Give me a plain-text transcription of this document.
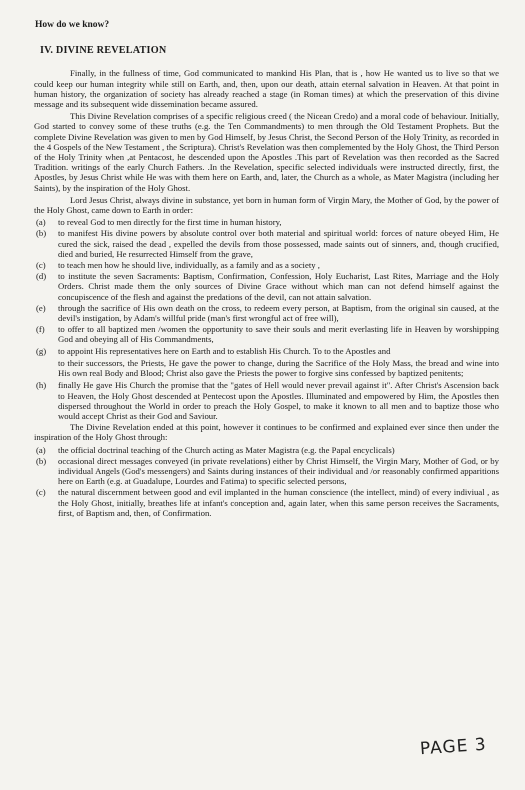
How do we know?
IV. DIVINE REVELATION

Finally, in the fullness of time, God communicated to mankind His Plan, that is , how He wanted us to live so that we could keep our human integrity while still on Earth, and, then, upon our death, attain eternal salvation in Heaven. At that point in human history, the organization of society has already reached a stage (in Roman times) at which the preservation of this divine message and its subsequent wide dissemination became assured.

This Divine Revelation comprises of a specific religious creed ( the Nicean Credo) and a moral code of behaviour. Initially, God started to convey some of these truths (e.g. the Ten Commandments) to men through the Old Testament Prophets. But the complete Divine Revelation was given to men by God Himself, by Jesus Christ, the Second Person of the Holy Trinity, as recorded in the 4 Gospels of the New Testament , the Scriptura). Christ's Revelation was then complemented by the Holy Ghost, the Third Person of the Holy Trinity when ,at Pentacost, he descended upon the Apostles .This part of Revelation was then recorded as the Sacred Tradition. writings of the early Church Fathers. .In the Revelation, specific selected individuals were instructed directly, first, the Apostles, by Jesus Christ while He was with them here on Earth, and, later, the Church as a whole, as Mater Magistra (including her Saints), by the inspiration of the Holy Ghost.

Lord Jesus Christ, always divine in substance, yet born in human form of Virgin Mary, the Mother of God, by the power of the Holy Ghost, came down to Earth in order:

(a) to reveal God to men directly for the first time in human history,
(b) to manifest His divine powers by absolute control over both material and spiritual world: forces of nature obeyed Him, He cured the sick, raised the dead , expelled the devils from those possessed, made saints out of sinners, and, though crucified, died and buried, He resurrected Himself from the grave,
(c) to teach men how he should live, individually, as a family and as a society ,
(d) to institute the seven Sacraments: Baptism, Confirmation, Confession, Holy Eucharist, Last Rites, Marriage and the Holy Orders. Christ made them the only sources of Divine Grace without which man can not defend himself against the concupiscence of the flesh and against the predations of the devil, can not attain salvation.
(e) through the sacrifice of His own death on the cross, to redeem every person, at Baptism, from the original sin caused, at the devil's instigation, by Adam's willful pride (man's first wrongful act of free will),
(f) to offer to all baptized men /women the opportunity to save their souls and merit everlasting life in Heaven by worshipping God and obeying all of His Commandments,
(g) to appoint His representatives here on Earth and to establish His Church. To to the Apostles and
to their successors, the Priests, He gave the power to change, during the Sacrifice of the Holy Mass, the bread and wine into His own real Body and Blood; Christ also gave the Priests the power to forgive sins confessed by baptized penitents;
(h) finally He gave His Church the promise that the "gates of Hell would never prevail against it". After Christ's Ascension back to Heaven, the Holy Ghost descended at Pentecost upon the Apostles. Illuminated and empowered by Him, the Apostles then dispersed throughout the World in order to preach the Holy Gospel, to make it known to all men and to baptize those who would accept Christ as their God and Saviour.

The Divine Revelation ended at this point, however it continues to be confirmed and explained ever since then under the inspiration of the Holy Ghost through:

(a) the official doctrinal teaching of the Church acting as Mater Magistra (e.g. the Papal encyclicals)
(b) occasional direct messages conveyed (in private revelations) either by Christ Himself, the Virgin Mary, Mother of God, or by individual Angels (God's messengers) and Saints during instances of their individual and /or reasonably confirmed apparitions here on Earth (e.g. at Guadalupe, Lourdes and Fatima) to specific selected persons,
(c) the natural discernment between good and evil implanted in the human conscience (the intellect, mind) of every indiviual , as the Holy Ghost, initially, breathes life at infant's conception and, again later, when this same person receives the Sacraments, first, of Baptism and, then, of Confirmation.
PAGE 3
